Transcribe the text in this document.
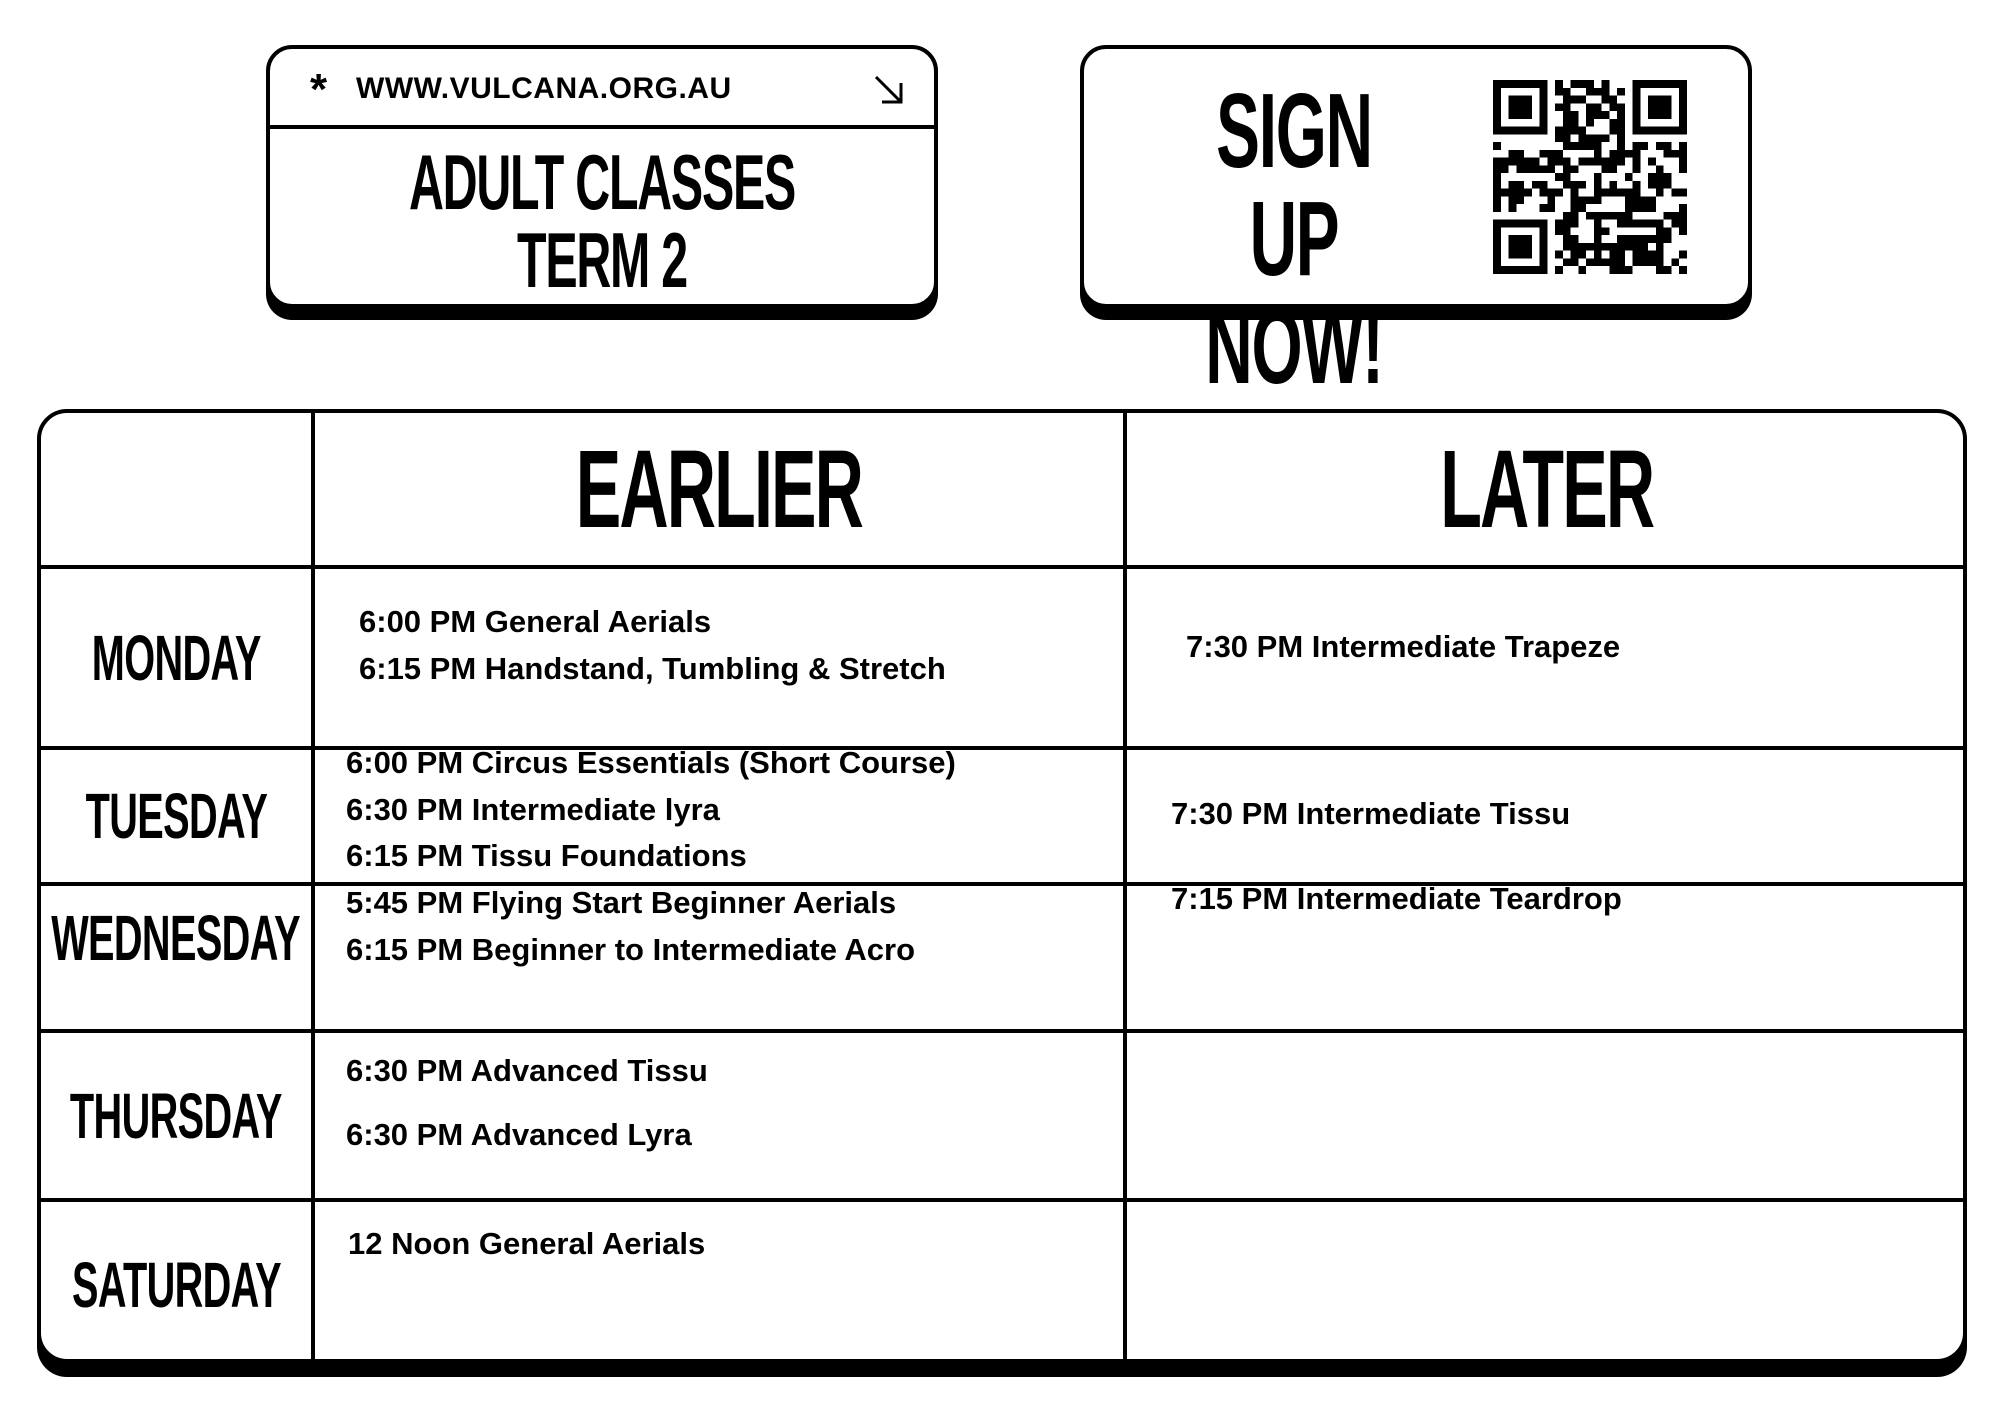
* WWW.VULCANA.ORG.AU
ADULT CLASSES
TERM 2
SIGN UP
NOW!
EARLIER	LATER
MONDAY
TUESDAY
WEDNESDAY
THURSDAY
SATURDAY
6:00 PM General Aerials
6:15 PM Handstand, Tumbling & Stretch
7:30 PM Intermediate Trapeze
6:00 PM Circus Essentials (Short Course)
6:30 PM Intermediate lyra
6:15 PM Tissu Foundations
7:30 PM Intermediate Tissu
5:45 PM Flying Start Beginner Aerials
6:15 PM Beginner to Intermediate Acro
7:15 PM Intermediate Teardrop
6:30 PM Advanced Tissu
6:30 PM Advanced Lyra
12 Noon General Aerials
